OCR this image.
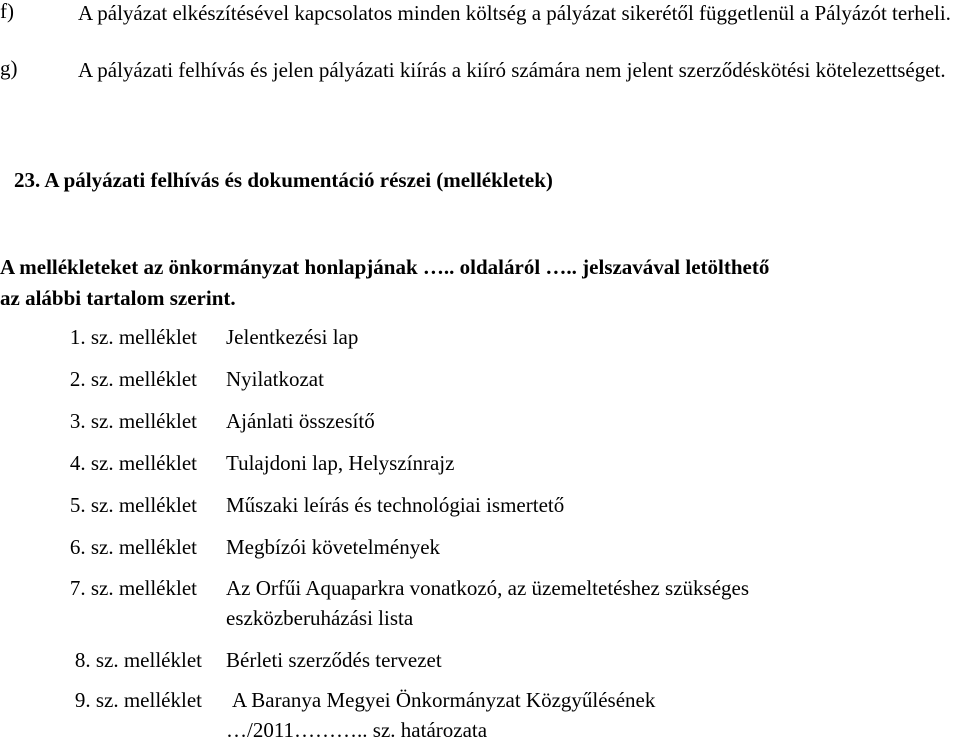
f)	A pályázat elkészítésével kapcsolatos minden költség a pályázat sikerétől függetlenül a Pályázót terheli.
g)	A pályázati felhívás és jelen pályázati kiírás a kiíró számára nem jelent szerződéskötési kötelezettséget.
23. A pályázati felhívás és dokumentáció részei (mellékletek)
A mellékleteket az önkormányzat honlapjának ….. oldaláról ….. jelszavával letölthető
az alábbi tartalom szerint.
1. sz. melléklet Jelentkezési lap
2. sz. melléklet Nyilatkozat
3. sz. melléklet Ajánlati összesítő
4. sz. melléklet Tulajdoni lap, Helyszínrajz
5. sz. melléklet Műszaki leírás és technológiai ismertető
6. sz. melléklet Megbízói követelmények
7. sz. melléklet Az Orfűi Aquaparkra vonatkozó, az üzemeltetéshez szükséges
eszközberuházási lista
8. sz. melléklet Bérleti szerződés tervezet
9. sz. melléklet A Baranya Megyei Önkormányzat Közgyűlésének
…/2011……….. sz. határozata
